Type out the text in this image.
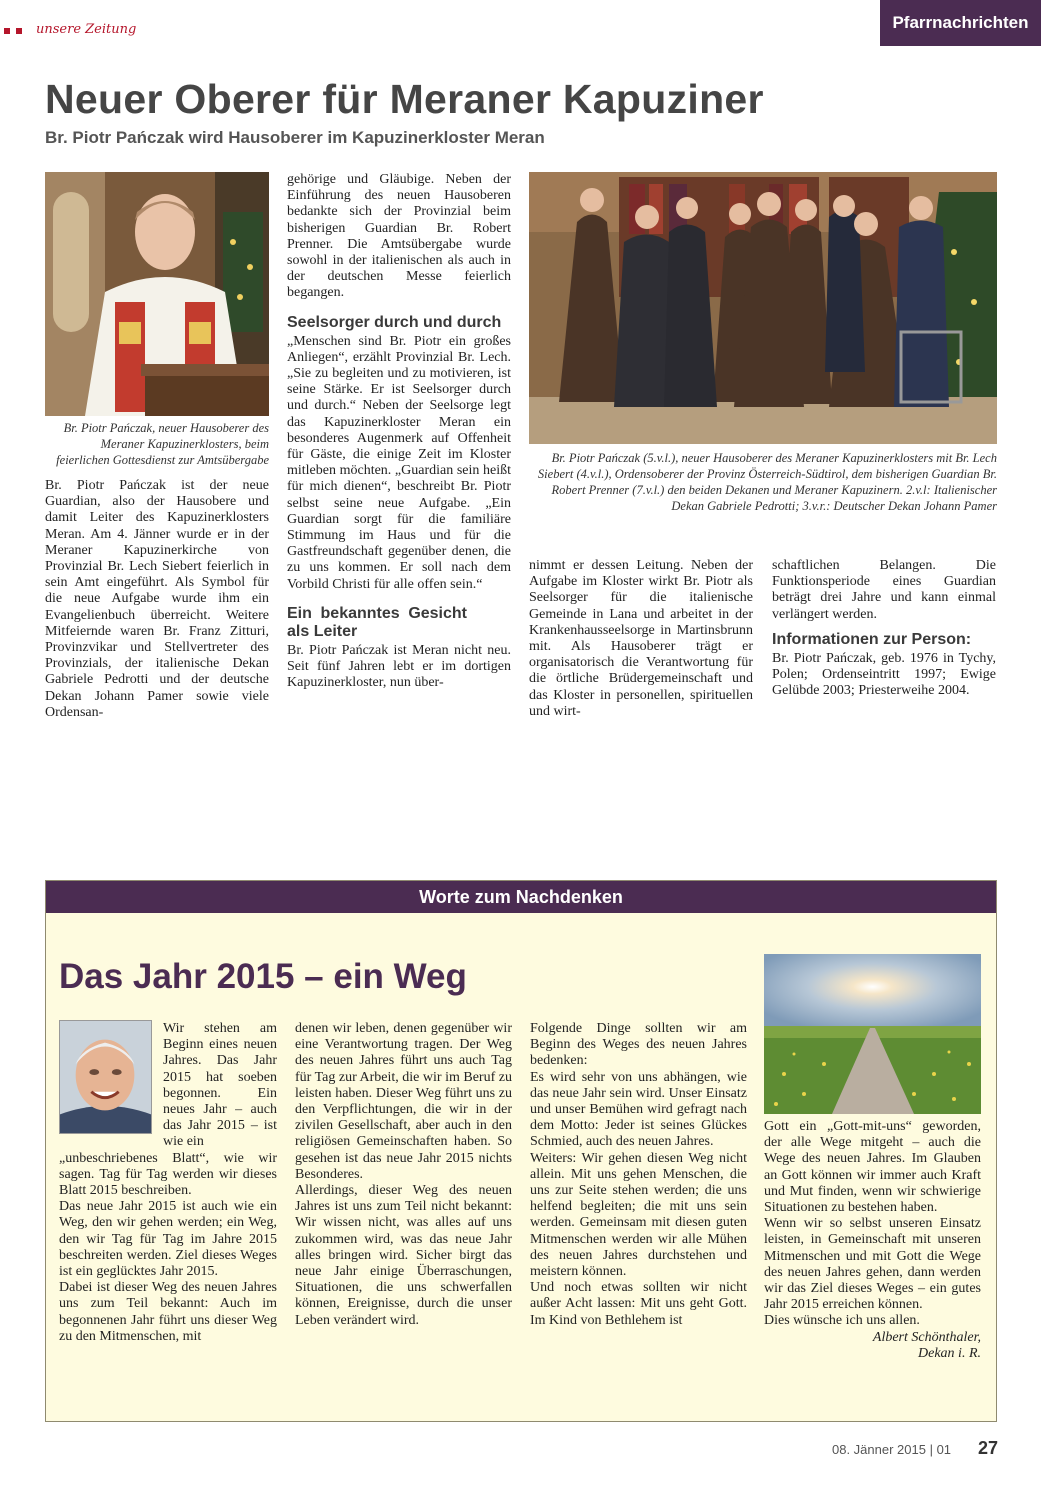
unsere Zeitung	Pfarrnachrichten
Neuer Oberer für Meraner Kapuziner
Br. Piotr Pańczak wird Hausoberer im Kapuzinerkloster Meran
Br. Piotr Pańczak, neuer Hausoberer des Meraner Kapuzinerklosters, beim feierlichen Gottesdienst zur Amtsübergabe	Br. Piotr Pańczak (5.v.l.), neuer Hausoberer des Meraner Kapuzinerklosters mit Br. Lech Siebert (4.v.l.), Ordensoberer der Provinz Österreich-Südtirol, dem bisherigen Guardian Br. Robert Prenner (7.v.l.) den beiden Dekanen und Meraner Kapuzinern. 2.v.l: Italienischer Dekan Gabriele Pedrotti; 3.v.r.: Deutscher Dekan Johann Pamer

Br. Piotr Pańczak ist der neue Guardian, also der Hausobere und damit Leiter des Kapuzinerklosters Meran. Am 4. Jänner wurde er in der Meraner Kapuzinerkirche von Provinzial Br. Lech Siebert feierlich in sein Amt eingeführt. Als Symbol für die neue Aufgabe wurde ihm ein Evangelienbuch überreicht. Weitere Mitfeiernde waren Br. Franz Zitturi, Provinzvikar und Stellvertreter des Provinzials, der italienische Dekan Gabriele Pedrotti und der deutsche Dekan Johann Pamer sowie viele Ordensan-

gehörige und Gläubige. Neben der Einführung des neuen Hausoberen bedankte sich der Provinzial beim bisherigen Guardian Br. Robert Prenner. Die Amtsübergabe wurde sowohl in der italienischen als auch in der deutschen Messe feierlich begangen.

Seelsorger durch und durch

„Menschen sind Br. Piotr ein großes Anliegen“, erzählt Provinzial Br. Lech. „Sie zu begleiten und zu motivieren, ist seine Stärke. Er ist Seelsorger durch und durch.“ Neben der Seelsorge legt das Kapuzinerkloster Meran ein besonderes Augenmerk auf Offenheit für Gäste, die einige Zeit im Kloster mitleben möchten. „Guardian sein heißt für mich dienen“, beschreibt Br. Piotr selbst seine neue Aufgabe. „Ein Guardian sorgt für die familiäre Stimmung im Haus und für die Gastfreundschaft gegenüber denen, die zu uns kommen. Er soll nach dem Vorbild Christi für alle offen sein.“

Ein bekanntes Gesicht als Leiter

Br. Piotr Pańczak ist Meran nicht neu. Seit fünf Jahren lebt er im dortigen Kapuzinerkloster, nun über-

nimmt er dessen Leitung. Neben der Aufgabe im Kloster wirkt Br. Piotr als Seelsorger für die italienische Gemeinde in Lana und arbeitet in der Krankenhausseelsorge in Martinsbrunn mit. Als Hausoberer trägt er organisatorisch die Verantwortung für die örtliche Brüdergemeinschaft und das Kloster in personellen, spirituellen und wirt-

schaftlichen Belangen. Die Funktionsperiode eines Guardian beträgt drei Jahre und kann einmal verlängert werden.

Informationen zur Person:

Br. Piotr Pańczak, geb. 1976 in Tychy, Polen; Ordenseintritt 1997; Ewige Gelübde 2003; Priesterweihe 2004.

Worte zum Nachdenken
Das Jahr 2015 – ein Weg

Wir stehen am Beginn eines neuen Jahres. Das Jahr 2015 hat soeben begonnen. Ein neues Jahr – auch das Jahr 2015 – ist wie ein

„unbeschriebenes Blatt“, wie wir sagen. Tag für Tag werden wir dieses Blatt 2015 beschreiben.

Das neue Jahr 2015 ist auch wie ein Weg, den wir gehen werden; ein Weg, den wir Tag für Tag im Jahre 2015 beschreiten werden. Ziel dieses Weges ist ein geglücktes Jahr 2015.

Dabei ist dieser Weg des neuen Jahres uns zum Teil bekannt: Auch im begonnenen Jahr führt uns dieser Weg zu den Mitmenschen, mit

denen wir leben, denen gegenüber wir eine Verantwortung tragen. Der Weg des neuen Jahres führt uns auch Tag für Tag zur Arbeit, die wir im Beruf zu leisten haben. Dieser Weg führt uns zu den Verpflichtungen, die wir in der zivilen Gesellschaft, aber auch in den religiösen Gemeinschaften haben. So gesehen ist das neue Jahr 2015 nichts Besonderes.

Allerdings, dieser Weg des neuen Jahres ist uns zum Teil nicht bekannt: Wir wissen nicht, was alles auf uns zukommen wird, was das neue Jahr alles bringen wird. Sicher birgt das neue Jahr einige Überraschungen, Situationen, die uns schwerfallen können, Ereignisse, durch die unser Leben verändert wird.

Folgende Dinge sollten wir am Beginn des Weges des neuen Jahres bedenken:

Es wird sehr von uns abhängen, wie das neue Jahr sein wird. Unser Einsatz und unser Bemühen wird gefragt nach dem Motto: Jeder ist seines Glückes Schmied, auch des neuen Jahres.

Weiters: Wir gehen diesen Weg nicht allein. Mit uns gehen Menschen, die uns zur Seite stehen werden; die uns helfend begleiten; die mit uns sein werden. Gemeinsam mit diesen guten Mitmenschen werden wir alle Mühen des neuen Jahres durchstehen und meistern können.

Und noch etwas sollten wir nicht außer Acht lassen: Mit uns geht Gott. Im Kind von Bethlehem ist

Gott ein „Gott-mit-uns“ geworden, der alle Wege mitgeht – auch die Wege des neuen Jahres. Im Glauben an Gott können wir immer auch Kraft und Mut finden, wenn wir schwierige Situationen zu bestehen haben.

Wenn wir so selbst unseren Einsatz leisten, in Gemeinschaft mit unseren Mitmenschen und mit Gott die Wege des neuen Jahres gehen, dann werden wir das Ziel dieses Weges – ein gutes Jahr 2015 erreichen können.

Dies wünsche ich uns allen.

Albert Schönthaler,

Dekan i. R.

08. Jänner 2015 | 01 27
